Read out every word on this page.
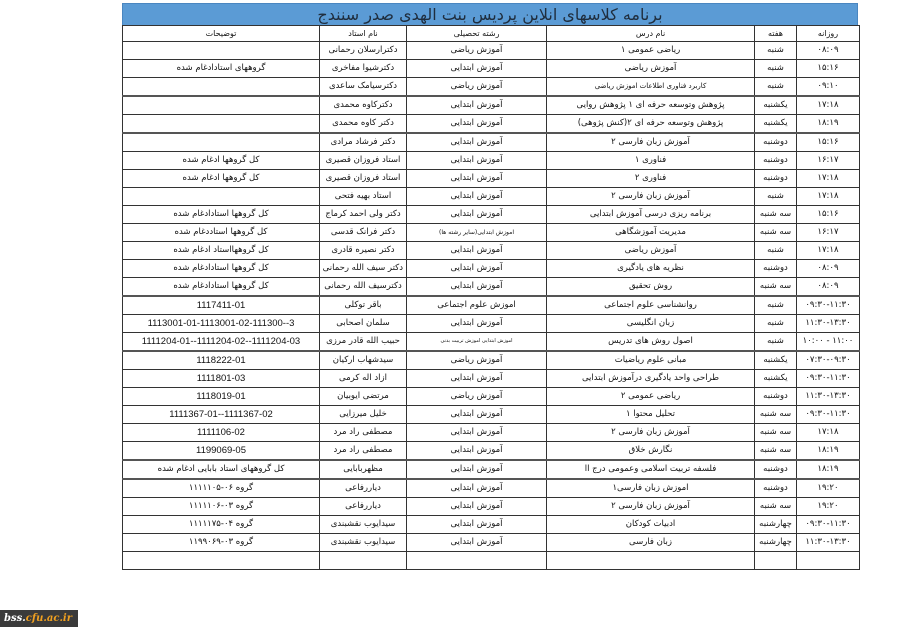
برنامه کلاسهای انلاین پردیس بنت الهدی صدر سنندج
روزانه	هفته	نام درس	رشته تحصیلی	نام استاد	توضیحات
۰۸:۰۹	شنبه	ریاضی عمومی ۱	آموزش ریاضی	دکترارسلان رحمانی	
۱۵:۱۶	شنبه	آموزش ریاضی	آموزش ابتدایی	دکترشیوا مفاخری	گروههای استادادغام شده
۰۹:۱۰	شنبه	کاربرد فناوری اطلاعات اموزش ریاضی	آموزش ریاضی	دکترسیامک ساعدی	
۱۷:۱۸	یکشنبه	پژوهش وتوسعه حرفه ای ۱ پژوهش روایی	آموزش ابتدایی	دکترکاوه محمدی	
۱۸:۱۹	یکشنبه	پژوهش وتوسعه حرفه ای ۲(کنش پژوهی)	آموزش ابتدایی	دکتر کاوه محمدی	
۱۵:۱۶	دوشنبه	آموزش زبان فارسی ۲	آموزش ابتدایی	دکتر فرشاد مرادی	
۱۶:۱۷	دوشنبه	فناوری ۱	آموزش ابتدایی	استاد فروزان قصیری	کل گروهها ادغام شده
۱۷:۱۸	دوشنبه	فناوری ۲	آموزش ابتدایی	استاد فروزان قصیری	کل گروهها ادغام شده
۱۷:۱۸	شنبه	آموزش زبان فارسی ۲	آموزش ابتدایی	استاد بهیه فتحی	
۱۵:۱۶	سه شنبه	برنامه ریزی درسی آموزش ابتدایی	آموزش ابتدایی	دکتر ولی احمد کرماج	کل گروهها استادادغام شده
۱۶:۱۷	سه شنبه	مدیریت آموزشگاهی	اموزش ابتدایی(سایر رشته ها)	دکتر فرانک قدسی	کل گروهها استاددغام شده
۱۷:۱۸	شنبه	آموزش ریاضی	آموزش ابتدایی	دکتر نصیره قادری	کل گروههااستاد ادغام شده
۰۸:۰۹	دوشنبه	نظریه های یادگیری	آموزش ابتدایی	دکتر سیف الله رحمانی	کل گروهها استادادغام شده
۰۸:۰۹	سه شنبه	روش تحقیق	آموزش ابتدایی	دکترسیف الله رحمانی	کل گروهها استادادغام شده
۰۹:۳۰-۱۱:۳۰	شنبه	روانشناسی علوم اجتماعی	اموزش علوم اجتماعی	باقر توکلی	1117411-01
۱۱:۳۰-۱۳:۳۰	شنبه	زبان انگلیسی	آموزش ابتدایی	سلمان اصحابی	1113001-01-1113001-02-111300--3
۱۰:۰۰ - ۱۱:۰۰	شنبه	اصول روش های تدریس	اموزش ابتدایی اموزش تربیت بدنی	حبیب الله قادر مرزی	1111204-01--1111204-02--1111204-03
۰۷:۳۰-۰۹:۳۰	یکشنبه	مبانی علوم ریاضیات	آموزش ریاضی	سیدشهاب ارکیان	1118222-01
۰۹:۳۰-۱۱:۳۰	یکشنبه	طراحی واحد یادگیری درآموزش ابتدایی	آموزش ابتدایی	ازاد اله کرمی	1111801-03
۱۱:۳۰-۱۳:۳۰	دوشنبه	ریاضی عمومی ۲	آموزش ریاضی	مرتضی ایوبیان	1118019-01
۰۹:۳۰-۱۱:۳۰	سه شنبه	تحلیل محتوا ۱	آموزش ابتدایی	خلیل میرزایی	1111367-01--1111367-02
۱۷:۱۸	سه شنبه	آموزش زبان فارسی ۲	آموزش ابتدایی	مصطفی راد مرد	1111106-02
۱۸:۱۹	سه شنبه	نگارش خلاق	آموزش ابتدایی	مصطفی راد مرد	1199069-05
۱۸:۱۹	دوشنبه	فلسفه تربیت اسلامی وعمومی درج اا	آموزش ابتدایی	مظهربابایی	کل گروههای استاد بابایی ادغام شده
۱۹:۲۰	دوشنبه	اموزش زبان فارسی۱	آموزش ابتدایی	دیاررفاعی	گروه ۰۶-۱۱۱۱۱۰۵
۱۹:۲۰	سه شنبه	آموزش زبان فارسی ۲	آموزش ابتدایی	دیاررفاعی	گروه ۰۳-۱۱۱۱۱۰۶
۰۹:۳۰-۱۱:۳۰	چهارشنبه	ادبیات کودکان	آموزش ابتدایی	سیدایوب نقشبندی	گروه ۰۴-۱۱۱۱۱۷۵
۱۱:۳۰-۱۳:۳۰	چهارشنبه	زبان فارسی	آموزش ابتدایی	سیدایوب نقشبندی	گروه ۰۳-۱۱۹۹۰۶۹

bss.cfu.ac.ir
